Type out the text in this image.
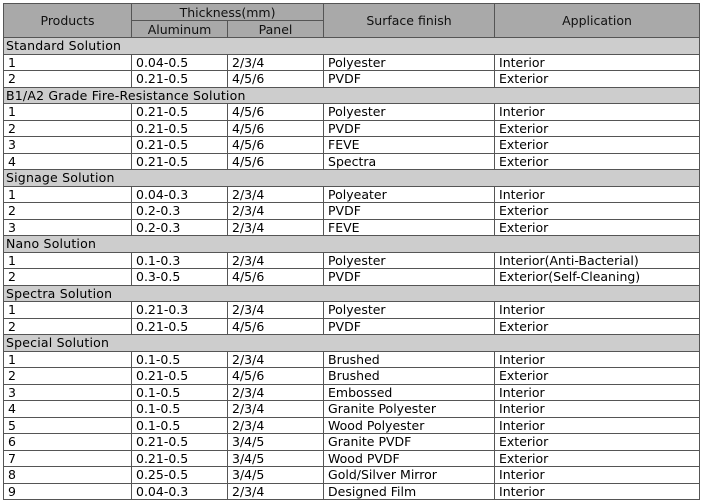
Products	Thickness(mm)		Surface finish	Application
	Aluminum	Panel		
Standard Solution				
1	0.04-0.5	2/3/4	Polyester	Interior
2	0.21-0.5	4/5/6	PVDF	Exterior
B1/A2 Grade Fire-Resistance Solution				
1	0.21-0.5	4/5/6	Polyester	Interior
2	0.21-0.5	4/5/6	PVDF	Exterior
3	0.21-0.5	4/5/6	FEVE	Exterior
4	0.21-0.5	4/5/6	Spectra	Exterior
Signage Solution				
1	0.04-0.3	2/3/4	Polyeater	Interior
2	0.2-0.3	2/3/4	PVDF	Exterior
3	0.2-0.3	2/3/4	FEVE	Exterior
Nano Solution				
1	0.1-0.3	2/3/4	Polyester	Interior(Anti-Bacterial)
2	0.3-0.5	4/5/6	PVDF	Exterior(Self-Cleaning)
Spectra Solution				
1	0.21-0.3	2/3/4	Polyester	Interior
2	0.21-0.5	4/5/6	PVDF	Exterior
Special Solution				
1	0.1-0.5	2/3/4	Brushed	Interior
2	0.21-0.5	4/5/6	Brushed	Exterior
3	0.1-0.5	2/3/4	Embossed	Interior
4	0.1-0.5	2/3/4	Granite Polyester	Interior
5	0.1-0.5	2/3/4	Wood Polyester	Interior
6	0.21-0.5	3/4/5	Granite PVDF	Exterior
7	0.21-0.5	3/4/5	Wood PVDF	Exterior
8	0.25-0.5	3/4/5	Gold/Silver Mirror	Interior
9	0.04-0.3	2/3/4	Designed Film	Interior
